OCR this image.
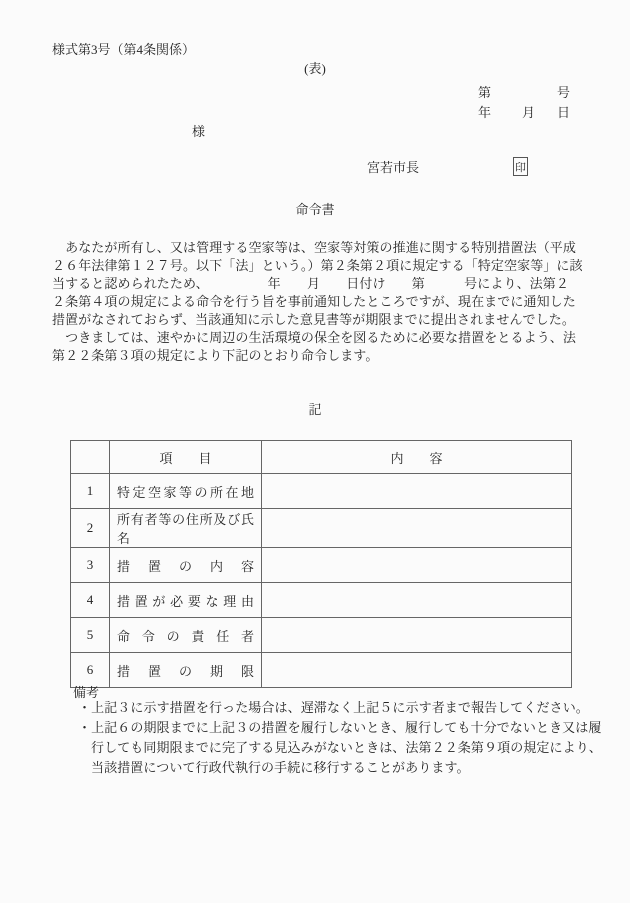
様式第3号（第4条関係）
(表)
第	号
年 月 日
様
宮若市長	印
命令書
　あなたが所有し、又は管理する空家等は、空家等対策の推進に関する特別措置法（平成
２６年法律第１２７号。以下「法」という。）第２条第２項に規定する「特定空家等」に該
当すると認められたため、　　　　　年　　月　　日付け　　第　　　号により、法第２
２条第４項の規定による命令を行う旨を事前通知したところですが、現在までに通知した
措置がなされておらず、当該通知に示した意見書等が期限までに提出されませんでした。
　つきましては、速やかに周辺の生活環境の保全を図るために必要な措置をとるよう、法
第２２条第３項の規定により下記のとおり命令します。
記
	項　　目	内　　容
1	特定空家等の所在地	

2	所有者等の住所及び氏名	

3	措置の内容	

4	措置が必要な理由	

5	命令の責任者	

6	措置の期限	

備考
・上記３に示す措置を行った場合は、遅滞なく上記５に示す者まで報告してください。
・上記６の期限までに上記３の措置を履行しないとき、履行しても十分でないとき又は履
行しても同期限までに完了する見込みがないときは、法第２２条第９項の規定により、
当該措置について行政代執行の手続に移行することがあります。
